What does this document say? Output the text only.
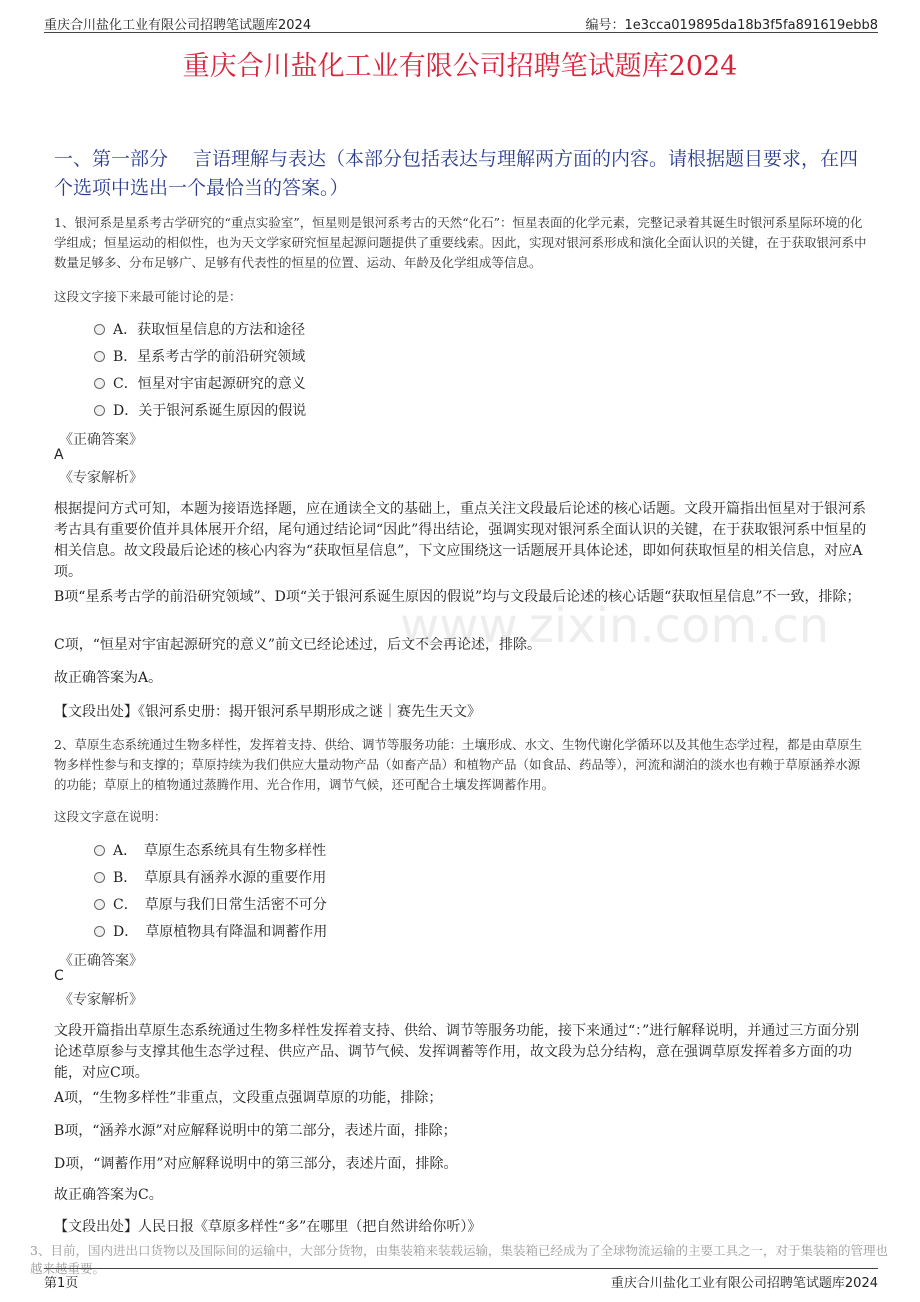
重庆合川盐化工业有限公司招聘笔试题库2024	编号：1e3cca019895da18b3f5fa891619ebb8
重庆合川盐化工业有限公司招聘笔试题库2024
一、第一部分　 言语理解与表达（本部分包括表达与理解两方面的内容。请根据题目要求，在四个选项中选出一个最恰当的答案。）
www.zixin.com.cn
1、银河系是星系考古学研究的“重点实验室”，恒星则是银河系考古的天然“化石”：恒星表面的化学元素，完整记录着其诞生时银河系星际环境的化学组成；恒星运动的相似性，也为天文学家研究恒星起源问题提供了重要线索。因此，实现对银河系形成和演化全面认识的关键，在于获取银河系中数量足够多、分布足够广、足够有代表性的恒星的位置、运动、年龄及化学组成等信息。
这段文字接下来最可能讨论的是：
A．获取恒星信息的方法和途径
B．星系考古学的前沿研究领域
C．恒星对宇宙起源研究的意义
D．关于银河系诞生原因的假说
《正确答案》
A
《专家解析》
根据提问方式可知，本题为接语选择题，应在通读全文的基础上，重点关注文段最后论述的核心话题。文段开篇指出恒星对于银河系考古具有重要价值并具体展开介绍，尾句通过结论词“因此”得出结论，强调实现对银河系全面认识的关键，在于获取银河系中恒星的相关信息。故文段最后论述的核心内容为“获取恒星信息”，下文应围绕这一话题展开具体论述，即如何获取恒星的相关信息，对应A项。
B项“星系考古学的前沿研究领域”、D项“关于银河系诞生原因的假说”均与文段最后论述的核心话题“获取恒星信息”不一致，排除；
C项，“恒星对宇宙起源研究的意义”前文已经论述过，后文不会再论述，排除。
故正确答案为A。
【文段出处】《银河系史册：揭开银河系早期形成之谜｜赛先生天文》
2、草原生态系统通过生物多样性，发挥着支持、供给、调节等服务功能：土壤形成、水文、生物代谢化学循环以及其他生态学过程，都是由草原生物多样性参与和支撑的；草原持续为我们供应大量动物产品（如畜产品）和植物产品（如食品、药品等），河流和湖泊的淡水也有赖于草原涵养水源的功能；草原上的植物通过蒸腾作用、光合作用，调节气候，还可配合土壤发挥调蓄作用。
这段文字意在说明：
A．　草原生态系统具有生物多样性
B．　草原具有涵养水源的重要作用
C．　草原与我们日常生活密不可分
D．　草原植物具有降温和调蓄作用
《正确答案》
C
《专家解析》
文段开篇指出草原生态系统通过生物多样性发挥着支持、供给、调节等服务功能，接下来通过“：”进行解释说明，并通过三方面分别论述草原参与支撑其他生态学过程、供应产品、调节气候、发挥调蓄等作用，故文段为总分结构，意在强调草原发挥着多方面的功能，对应C项。
A项，“生物多样性”非重点，文段重点强调草原的功能，排除；
B项，“涵养水源”对应解释说明中的第二部分，表述片面，排除；
D项，“调蓄作用”对应解释说明中的第三部分，表述片面，排除。
故正确答案为C。
【文段出处】人民日报《草原多样性“多”在哪里（把自然讲给你听）》
3、目前，国内进出口货物以及国际间的运输中，大部分货物，由集装箱来装载运输，集装箱已经成为了全球物流运输的主要工具之一，对于集装箱的管理也越来越重要。
第1页	重庆合川盐化工业有限公司招聘笔试题库2024
